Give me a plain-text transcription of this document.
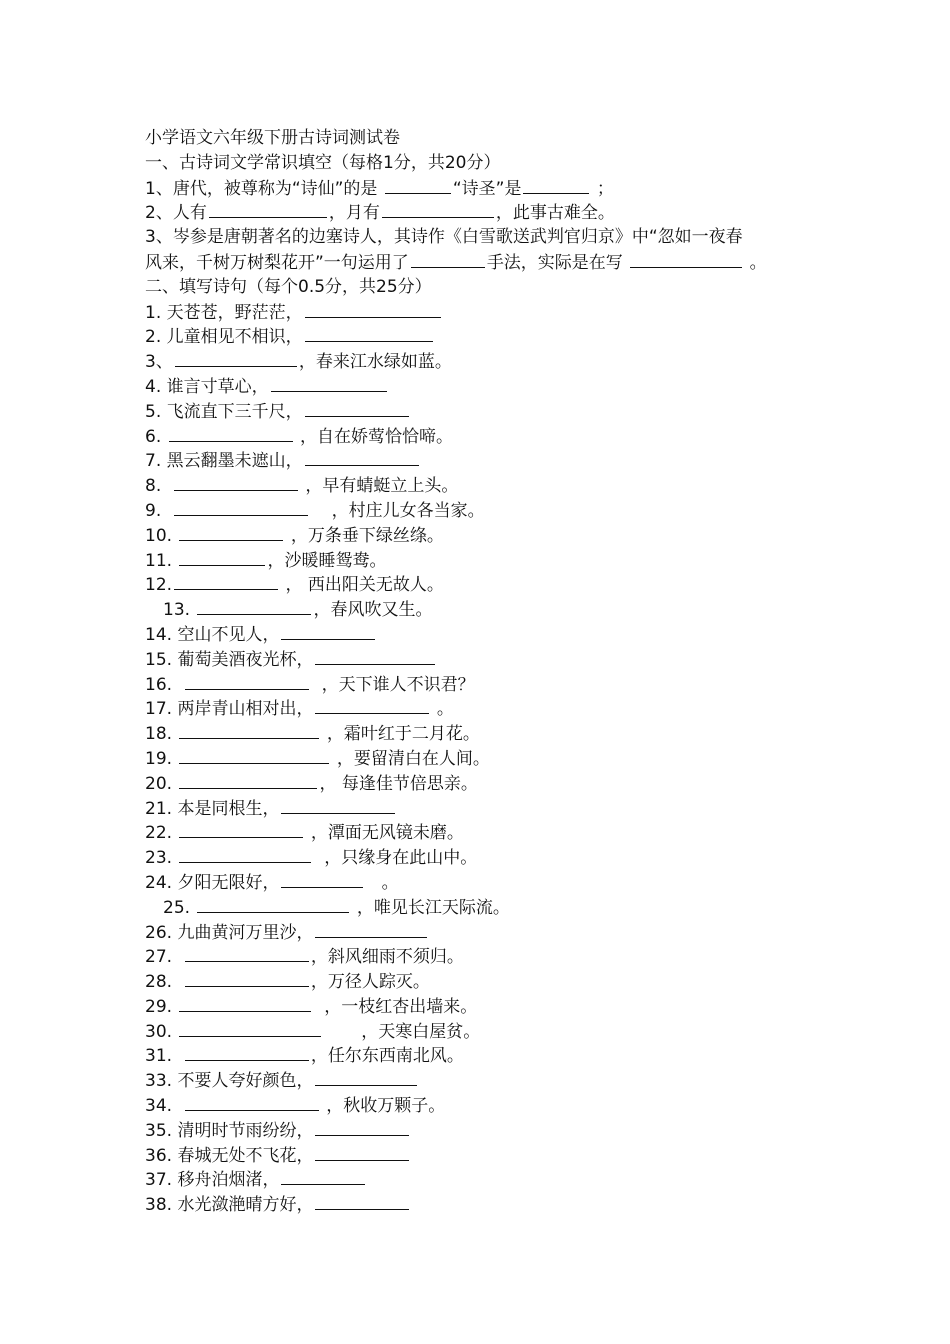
小学语文六年级下册古诗词测试卷
一、古诗词文学常识填空（每格1分，共20分）
1、唐代，被尊称为“诗仙”的是	“诗圣”是	；
2、人有	，月有	，此事古难全。
3、岑参是唐朝著名的边塞诗人，其诗作《白雪歌送武判官归京》中“忽如一夜春
风来，千树万树梨花开”一句运用了	手法，实际是在写	。
二、填写诗句（每个0.5分，共25分）
1. 天苍苍，野茫茫，
2. 儿童相见不相识，
3、	，春来江水绿如蓝。
4. 谁言寸草心，
5. 飞流直下三千尺，
6.	，自在娇莺恰恰啼。
7. 黑云翻墨未遮山，
8.	，早有蜻蜓立上头。
9.	，村庄儿女各当家。
10.	，万条垂下绿丝绦。
11.	，沙暖睡鸳鸯。
12.	， 西出阳关无故人。
13.	，春风吹又生。
14. 空山不见人，
15. 葡萄美酒夜光杯，
16.	，天下谁人不识君？
17. 两岸青山相对出，	。
18.	，霜叶红于二月花。
19.	，要留清白在人间。
20.	， 每逢佳节倍思亲。
21. 本是同根生，
22.	，潭面无风镜未磨。
23.	，只缘身在此山中。
24. 夕阳无限好，	。
25.	，唯见长江天际流。
26. 九曲黄河万里沙，
27.	，斜风细雨不须归。
28.	，万径人踪灭。
29.	，一枝红杏出墙来。
30.	，天寒白屋贫。
31.	，任尔东西南北风。
33. 不要人夸好颜色，
34.	，秋收万颗子。
35. 清明时节雨纷纷，
36. 春城无处不飞花，
37. 移舟泊烟渚，
38. 水光潋滟晴方好，
